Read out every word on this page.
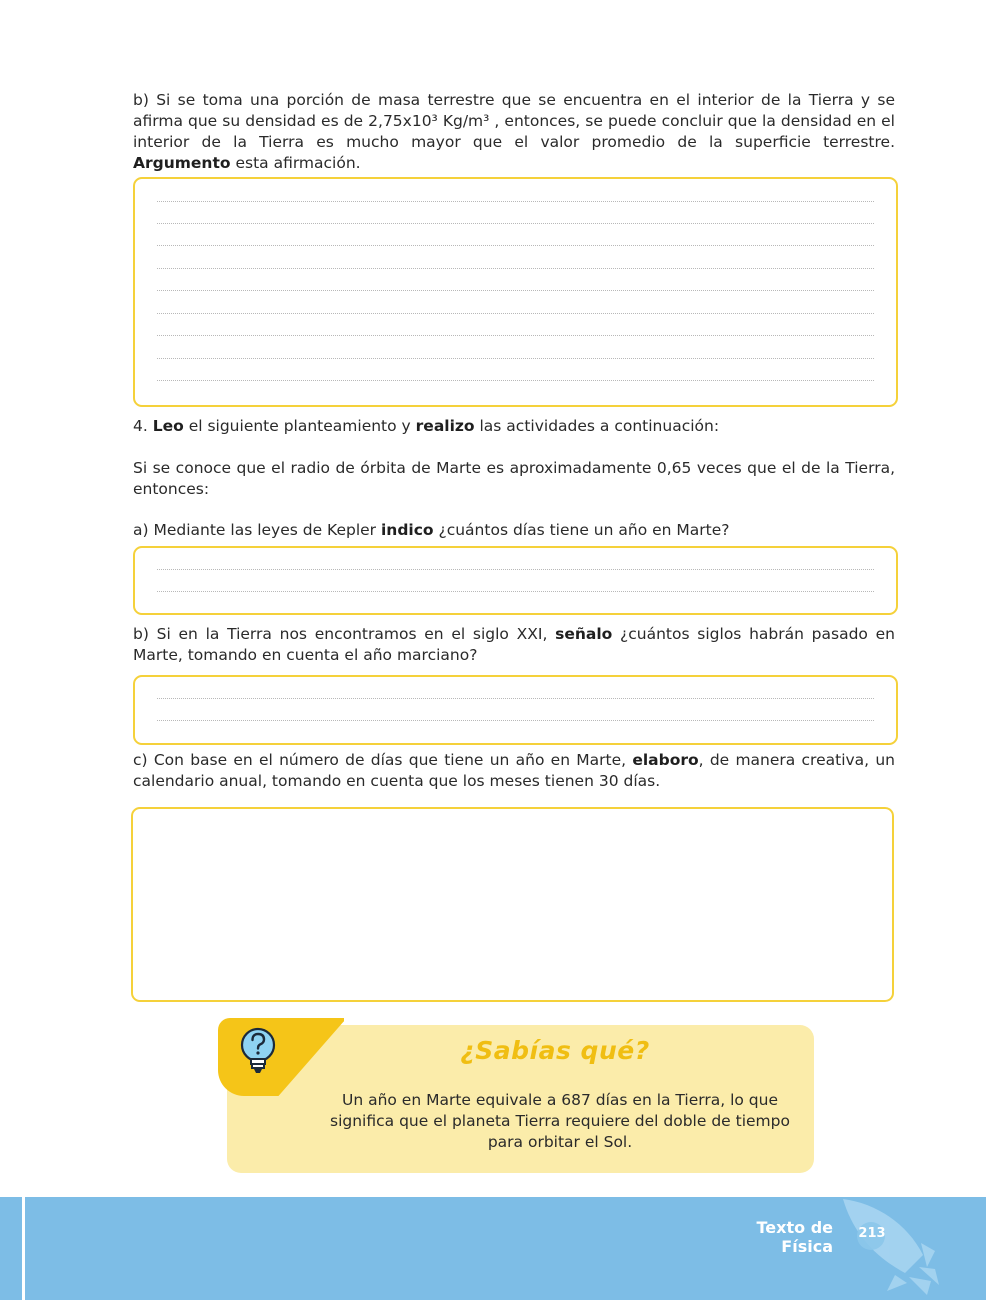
b) Si se toma una porción de masa terrestre que se encuentra en el interior de la Tierra y se afirma que su densidad es de 2,75x10³ Kg/m³ , entonces, se puede concluir que la densidad en el interior de la Tierra es mucho mayor que el valor promedio de la superficie terrestre. Argumento esta afirmación.

4. Leo el siguiente planteamiento y realizo las actividades a continuación:

Si se conoce que el radio de órbita de Marte es aproximadamente 0,65 veces que el de la Tierra, entonces:

a) Mediante las leyes de Kepler indico ¿cuántos días tiene un año en Marte?

b) Si en la Tierra nos encontramos en el siglo XXI, señalo ¿cuántos siglos habrán pasado en Marte, tomando en cuenta el año marciano?

c) Con base en el número de días que tiene un año en Marte, elaboro, de manera creativa, un calendario anual, tomando en cuenta que los meses tienen 30 días.

¿Sabías qué?
Un año en Marte equivale a 687 días en la Tierra, lo que significa que el planeta Tierra requiere del doble de tiempo para orbitar el Sol.
Texto de Física
213
